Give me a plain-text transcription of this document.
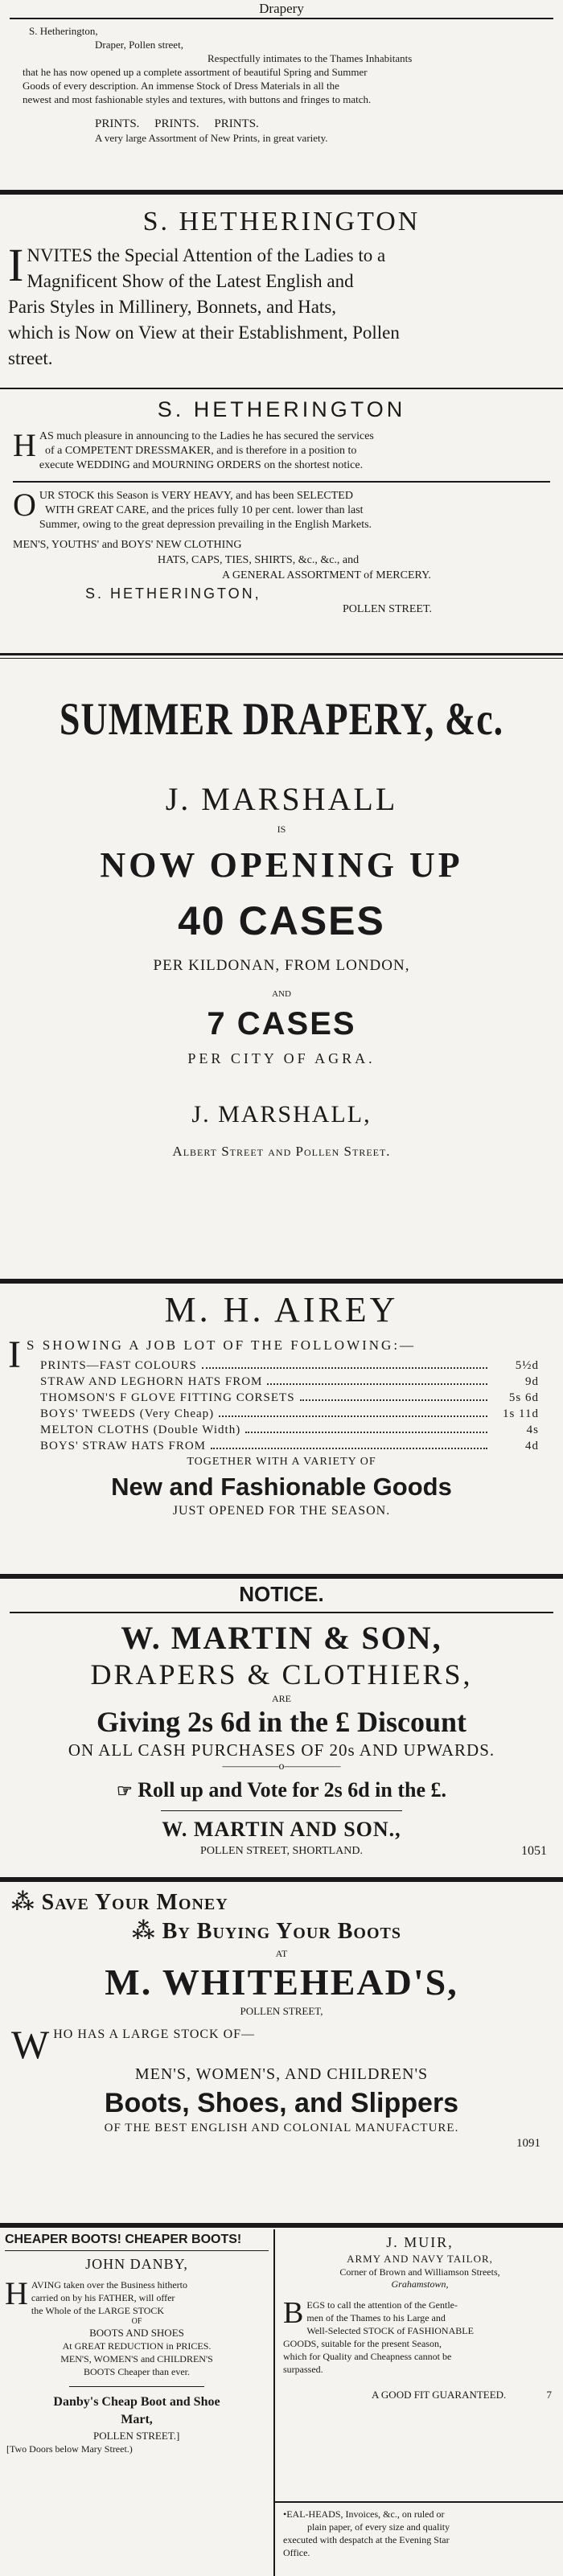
Drapery
S. Hetherington,
Draper, Pollen street,
Respectfully intimates to the Thames Inhabitants
that he has now opened up a complete assortment of beautiful Spring and Summer
Goods of every description. An immense Stock of Dress Materials in all the
newest and most fashionable styles and textures, with buttons and fringes to match.
PRINTS.     PRINTS.     PRINTS.
A very large Assortment of New Prints, in great variety.
S. HETHERINGTON
I NVITES the Special Attention of the Ladies to a
Magnificent Show of the Latest English and
Paris Styles in Millinery, Bonnets, and Hats,
which is Now on View at their Establishment, Pollen
street.
S. HETHERINGTON
H AS much pleasure in announcing to the Ladies he has secured the services
of a COMPETENT DRESSMAKER, and is therefore in a position to
execute WEDDING and MOURNING ORDERS on the shortest notice.
O UR STOCK this Season is VERY HEAVY, and has been SELECTED
WITH GREAT CARE, and the prices fully 10 per cent. lower than last
Summer, owing to the great depression prevailing in the English Markets.
MEN'S, YOUTHS' and BOYS' NEW CLOTHING
HATS, CAPS, TIES, SHIRTS, &c., &c., and
A GENERAL ASSORTMENT of MERCERY.
S. HETHERINGTON,
POLLEN STREET.
SUMMER DRAPERY, &c.
J. MARSHALL
IS
NOW OPENING UP
40 CASES
PER KILDONAN, FROM LONDON,
AND
7 CASES
PER CITY OF AGRA.
J. MARSHALL,
Albert Street and Pollen Street.
M. H. AIREY
I S SHOWING A JOB LOT OF THE FOLLOWING:—
PRINTS—FAST COLOURS	5½d
STRAW AND LEGHORN HATS FROM	9d
THOMSON'S F GLOVE FITTING CORSETS	5s 6d
BOYS' TWEEDS (Very Cheap)	1s 11d
MELTON CLOTHS (Double Width)	4s
BOYS' STRAW HATS FROM	4d
TOGETHER WITH A VARIETY OF
New and Fashionable Goods
JUST OPENED FOR THE SEASON.
NOTICE.
W. MARTIN & SON,
DRAPERS & CLOTHIERS,
ARE
Giving 2s 6d in the £ Discount
ON ALL CASH PURCHASES OF 20s AND UPWARDS.
—————o—————
☞ Roll up and Vote for 2s 6d in the £.
W. MARTIN AND SON.,
POLLEN STREET, SHORTLAND.	1051
⁂ Save Your Money
⁂ By Buying Your Boots
AT
M. WHITEHEAD'S,
POLLEN STREET,
W HO HAS A LARGE STOCK OF—
MEN'S, WOMEN'S, AND CHILDREN'S
Boots, Shoes, and Slippers
OF THE BEST ENGLISH AND COLONIAL MANUFACTURE.
1091
CHEAPER BOOTS! CHEAPER BOOTS!
JOHN DANBY,
H AVING taken over the Business hitherto
carried on by his FATHER, will offer
the Whole of the LARGE STOCK
OF
BOOTS AND SHOES
At GREAT REDUCTION in PRICES.
MEN'S, WOMEN'S and CHILDREN'S
BOOTS Cheaper than ever.
Danby's Cheap Boot and Shoe
Mart,
POLLEN STREET.]
[Two Doors below Mary Street.)
J. MUIR,
ARMY AND NAVY TAILOR,
Corner of Brown and Williamson Streets,
Grahamstown,
B EGS to call the attention of the Gentle-
men of the Thames to his Large and
Well-Selected STOCK of FASHIONABLE
GOODS, suitable for the present Season,
which for Quality and Cheapness cannot be
surpassed.
A GOOD FIT GUARANTEED.	7
•EAL-HEADS, Invoices, &c., on ruled or
plain paper, of every size and quality
executed with despatch at the Evening Star
Office.
